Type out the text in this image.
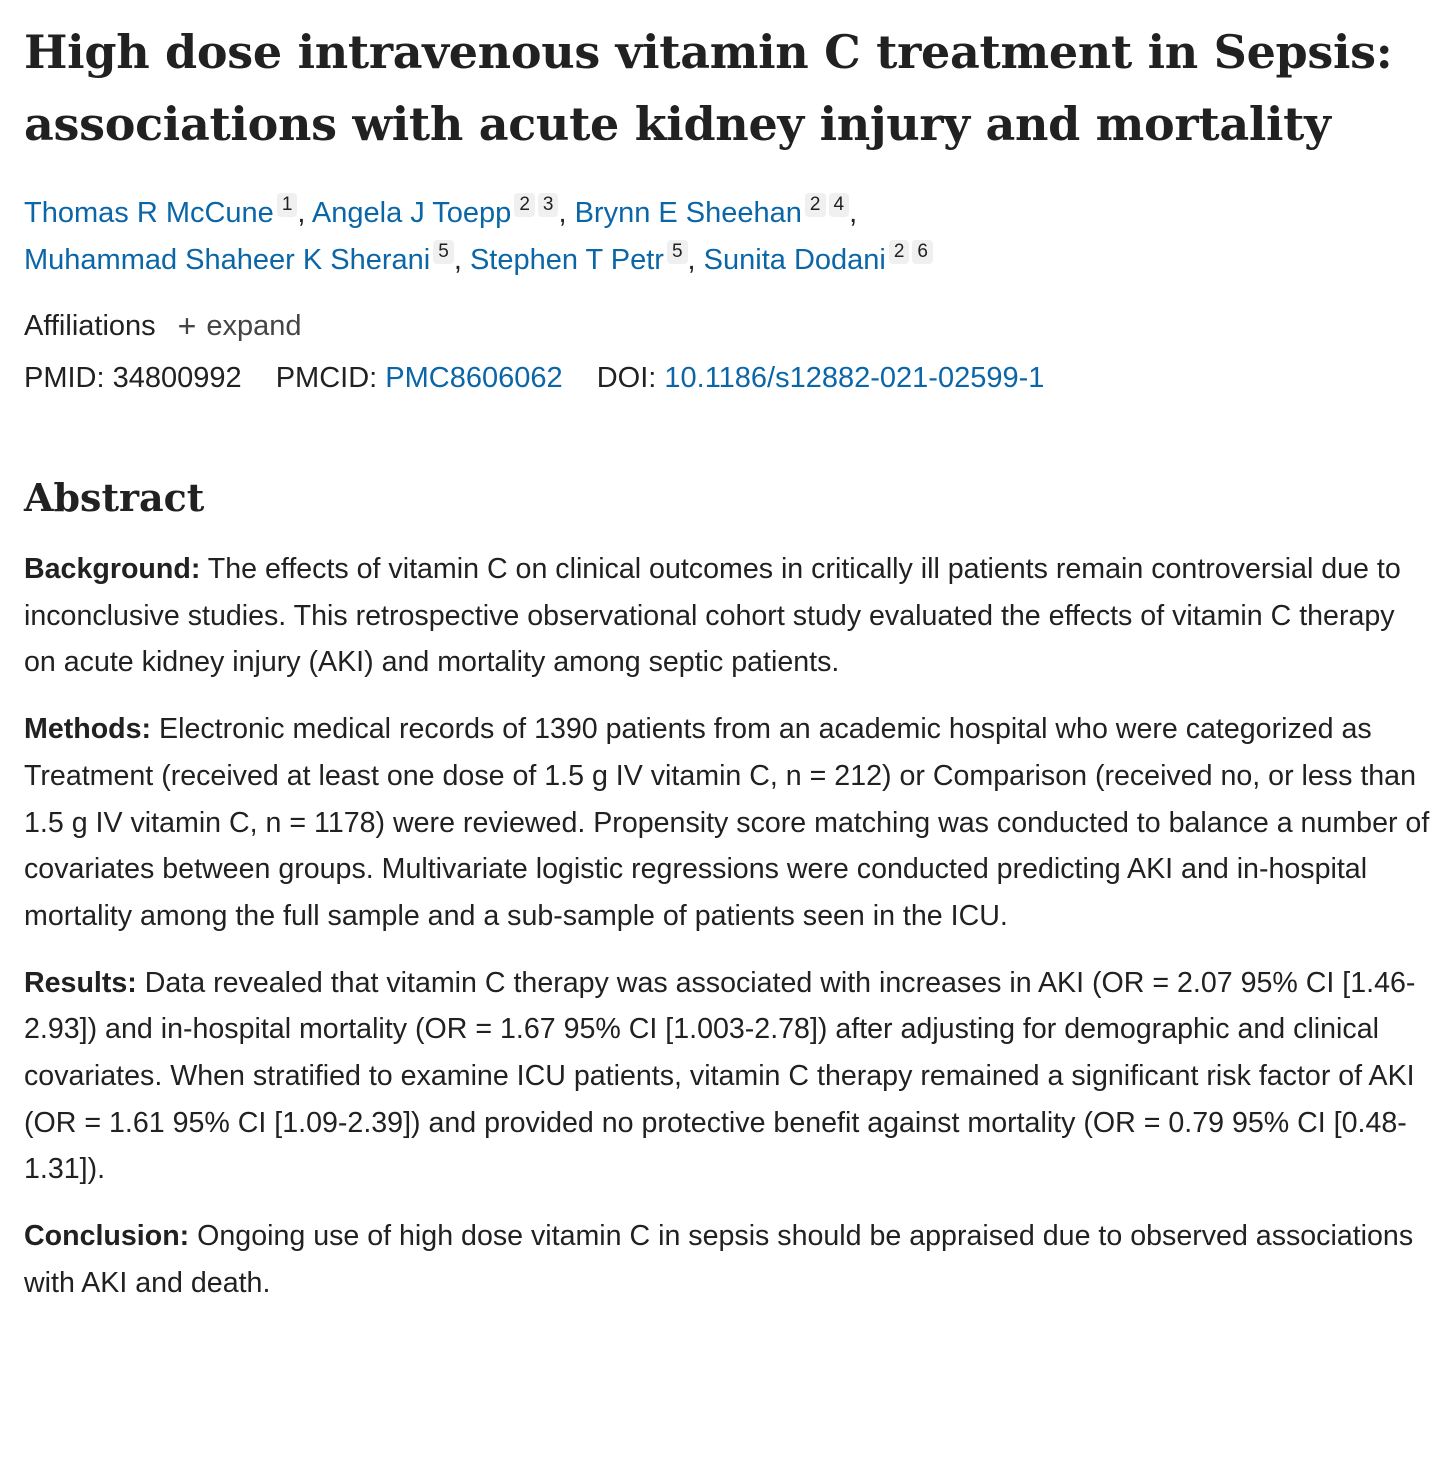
High dose intravenous vitamin C treatment in Sepsis: associations with acute kidney injury and mortality
Thomas R McCune 1 , Angela J Toepp 2 3 , Brynn E Sheehan 2 4 ,
Muhammad Shaheer K Sherani 5 , Stephen T Petr 5 , Sunita Dodani 2 6
Affiliations + expand
PMID: 34800992 PMCID: PMC8606062 DOI: 10.1186/s12882-021-02599-1
Abstract

Background: The effects of vitamin C on clinical outcomes in critically ill patients remain controversial due to inconclusive studies. This retrospective observational cohort study evaluated the effects of vitamin C therapy on acute kidney injury (AKI) and mortality among septic patients.

Methods: Electronic medical records of 1390 patients from an academic hospital who were categorized as Treatment (received at least one dose of 1.5 g IV vitamin C, n = 212) or Comparison (received no, or less than 1.5 g IV vitamin C, n = 1178) were reviewed. Propensity score matching was conducted to balance a number of covariates between groups. Multivariate logistic regressions were conducted predicting AKI and in-hospital mortality among the full sample and a sub-sample of patients seen in the ICU.

Results: Data revealed that vitamin C therapy was associated with increases in AKI (OR = 2.07 95% CI [1.46-2.93]) and in-hospital mortality (OR = 1.67 95% CI [1.003-2.78]) after adjusting for demographic and clinical covariates. When stratified to examine ICU patients, vitamin C therapy remained a significant risk factor of AKI (OR = 1.61 95% CI [1.09-2.39]) and provided no protective benefit against mortality (OR = 0.79 95% CI [0.48-1.31]).

Conclusion: Ongoing use of high dose vitamin C in sepsis should be appraised due to observed associations with AKI and death.
